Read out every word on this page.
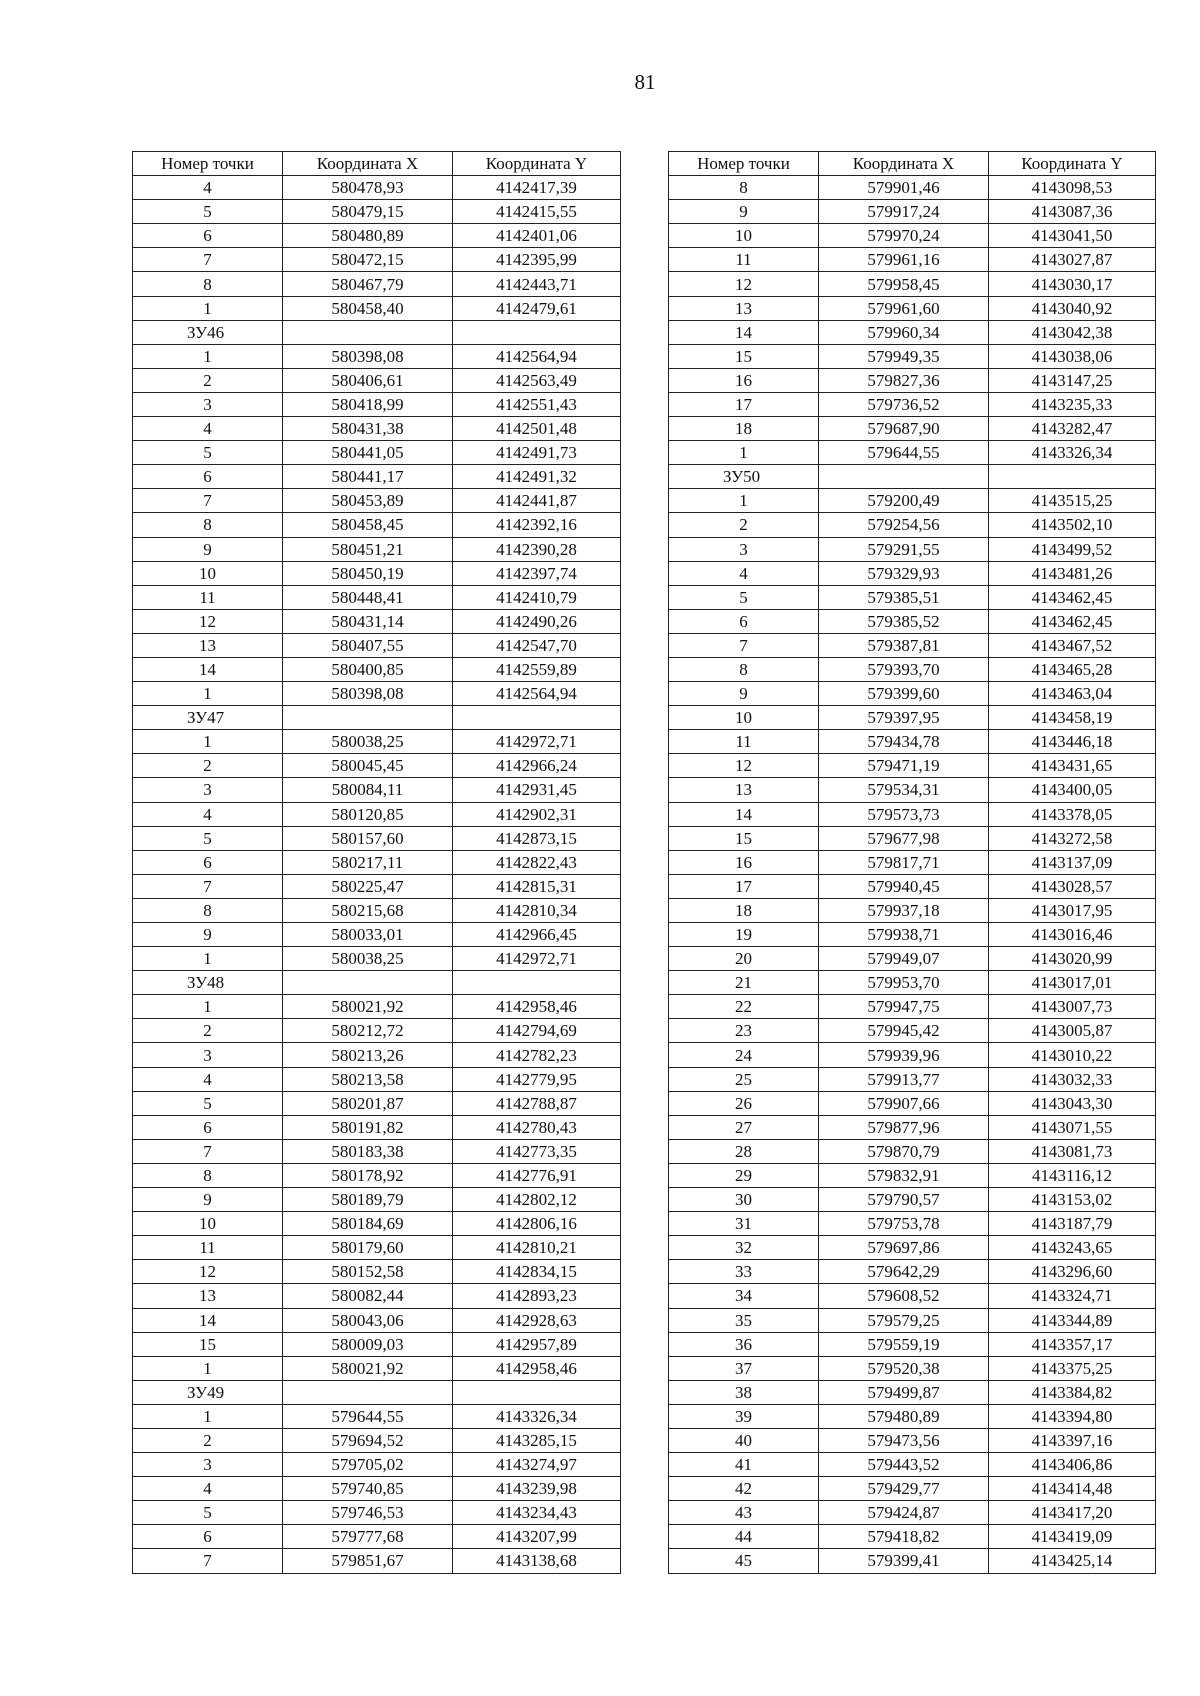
81
Номер точки	Координата X	Координата Y
4	580478,93	4142417,39
5	580479,15	4142415,55
6	580480,89	4142401,06
7	580472,15	4142395,99
8	580467,79	4142443,71
1	580458,40	4142479,61
ЗУ46		
1	580398,08	4142564,94
2	580406,61	4142563,49
3	580418,99	4142551,43
4	580431,38	4142501,48
5	580441,05	4142491,73
6	580441,17	4142491,32
7	580453,89	4142441,87
8	580458,45	4142392,16
9	580451,21	4142390,28
10	580450,19	4142397,74
11	580448,41	4142410,79
12	580431,14	4142490,26
13	580407,55	4142547,70
14	580400,85	4142559,89
1	580398,08	4142564,94
ЗУ47		
1	580038,25	4142972,71
2	580045,45	4142966,24
3	580084,11	4142931,45
4	580120,85	4142902,31
5	580157,60	4142873,15
6	580217,11	4142822,43
7	580225,47	4142815,31
8	580215,68	4142810,34
9	580033,01	4142966,45
1	580038,25	4142972,71
ЗУ48		
1	580021,92	4142958,46
2	580212,72	4142794,69
3	580213,26	4142782,23
4	580213,58	4142779,95
5	580201,87	4142788,87
6	580191,82	4142780,43
7	580183,38	4142773,35
8	580178,92	4142776,91
9	580189,79	4142802,12
10	580184,69	4142806,16
11	580179,60	4142810,21
12	580152,58	4142834,15
13	580082,44	4142893,23
14	580043,06	4142928,63
15	580009,03	4142957,89
1	580021,92	4142958,46
ЗУ49		
1	579644,55	4143326,34
2	579694,52	4143285,15
3	579705,02	4143274,97
4	579740,85	4143239,98
5	579746,53	4143234,43
6	579777,68	4143207,99
7	579851,67	4143138,68
Номер точки	Координата X	Координата Y
8	579901,46	4143098,53
9	579917,24	4143087,36
10	579970,24	4143041,50
11	579961,16	4143027,87
12	579958,45	4143030,17
13	579961,60	4143040,92
14	579960,34	4143042,38
15	579949,35	4143038,06
16	579827,36	4143147,25
17	579736,52	4143235,33
18	579687,90	4143282,47
1	579644,55	4143326,34
ЗУ50		
1	579200,49	4143515,25
2	579254,56	4143502,10
3	579291,55	4143499,52
4	579329,93	4143481,26
5	579385,51	4143462,45
6	579385,52	4143462,45
7	579387,81	4143467,52
8	579393,70	4143465,28
9	579399,60	4143463,04
10	579397,95	4143458,19
11	579434,78	4143446,18
12	579471,19	4143431,65
13	579534,31	4143400,05
14	579573,73	4143378,05
15	579677,98	4143272,58
16	579817,71	4143137,09
17	579940,45	4143028,57
18	579937,18	4143017,95
19	579938,71	4143016,46
20	579949,07	4143020,99
21	579953,70	4143017,01
22	579947,75	4143007,73
23	579945,42	4143005,87
24	579939,96	4143010,22
25	579913,77	4143032,33
26	579907,66	4143043,30
27	579877,96	4143071,55
28	579870,79	4143081,73
29	579832,91	4143116,12
30	579790,57	4143153,02
31	579753,78	4143187,79
32	579697,86	4143243,65
33	579642,29	4143296,60
34	579608,52	4143324,71
35	579579,25	4143344,89
36	579559,19	4143357,17
37	579520,38	4143375,25
38	579499,87	4143384,82
39	579480,89	4143394,80
40	579473,56	4143397,16
41	579443,52	4143406,86
42	579429,77	4143414,48
43	579424,87	4143417,20
44	579418,82	4143419,09
45	579399,41	4143425,14
